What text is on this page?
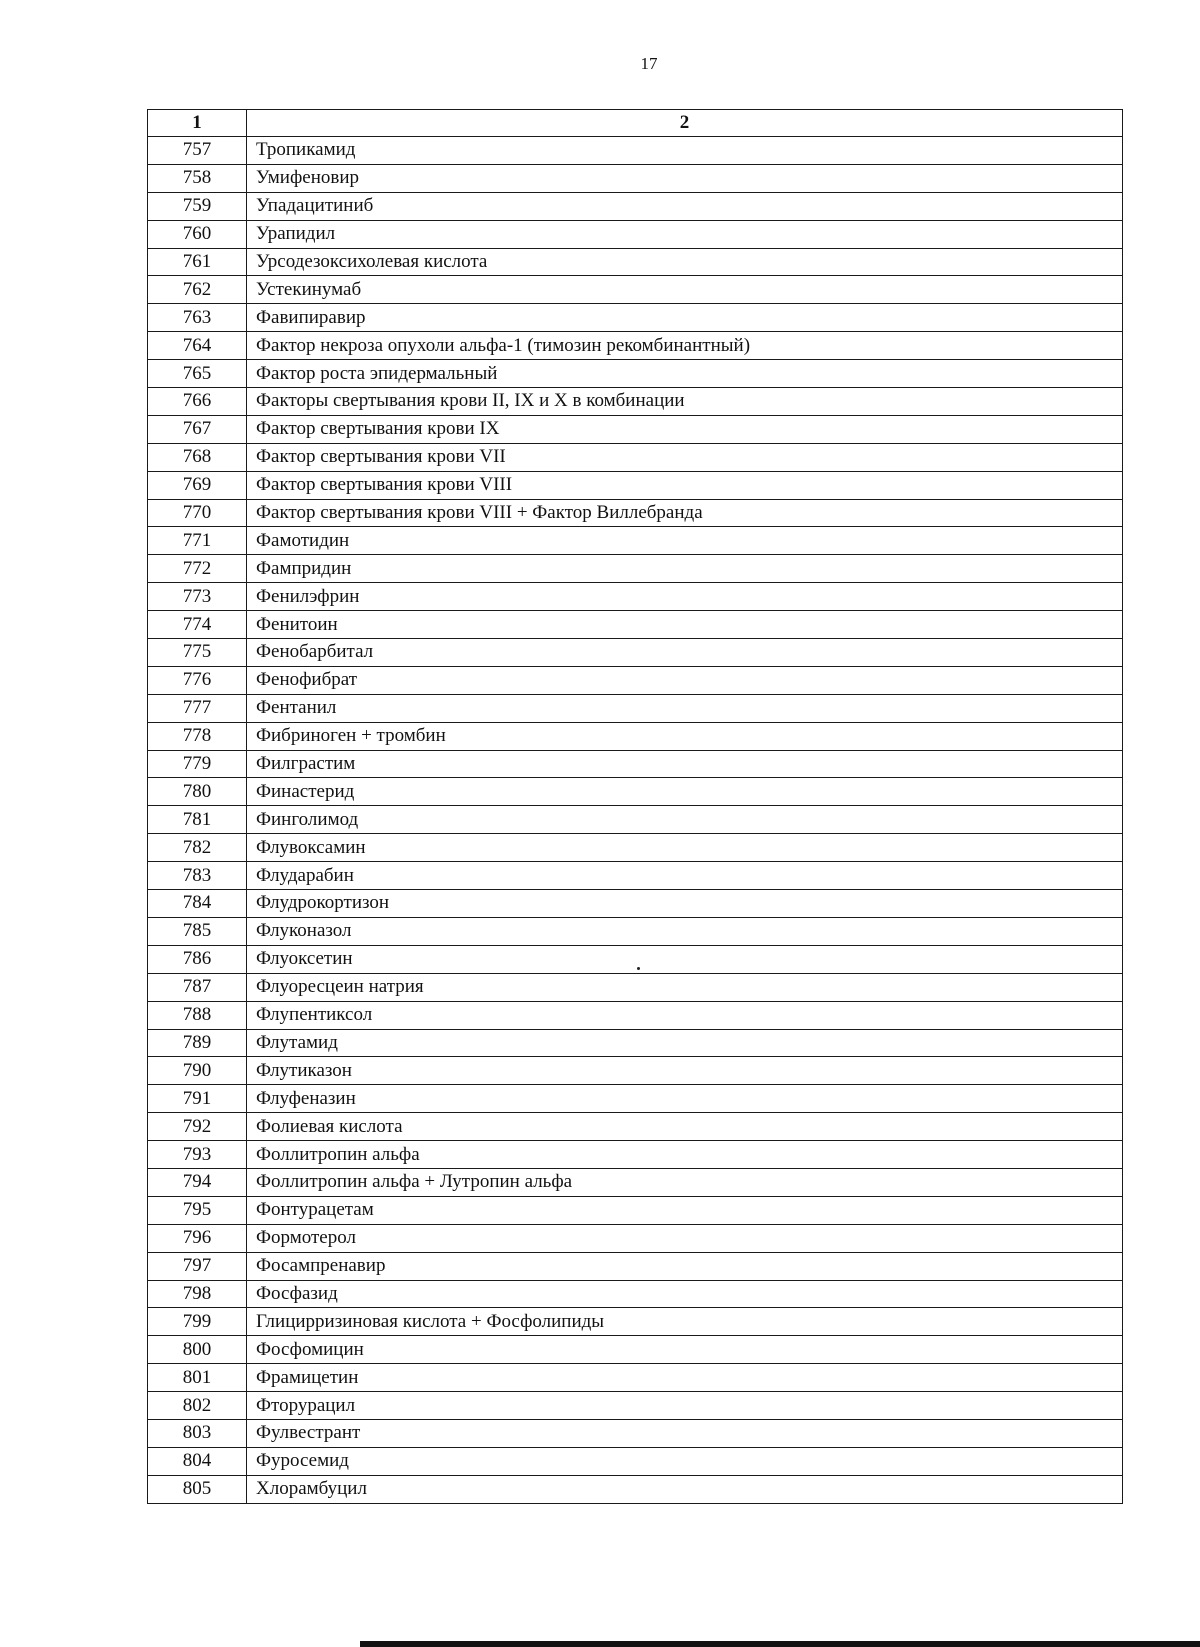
17
1	2
757	Тропикамид
758	Умифеновир
759	Упадацитиниб
760	Урапидил
761	Урсодезоксихолевая кислота
762	Устекинумаб
763	Фавипиравир
764	Фактор некроза опухоли альфа-1 (тимозин рекомбинантный)
765	Фактор роста эпидермальный
766	Факторы свертывания крови II, IX и X в комбинации
767	Фактор свертывания крови IX
768	Фактор свертывания крови VII
769	Фактор свертывания крови VIII
770	Фактор свертывания крови VIII + Фактор Виллебранда
771	Фамотидин
772	Фампридин
773	Фенилэфрин
774	Фенитоин
775	Фенобарбитал
776	Фенофибрат
777	Фентанил
778	Фибриноген + тромбин
779	Филграстим
780	Финастерид
781	Финголимод
782	Флувоксамин
783	Флударабин
784	Флудрокортизон
785	Флуконазол
786	Флуоксетин
787	Флуоресцеин натрия
788	Флупентиксол
789	Флутамид
790	Флутиказон
791	Флуфеназин
792	Фолиевая кислота
793	Фоллитропин альфа
794	Фоллитропин альфа + Лутропин альфа
795	Фонтурацетам
796	Формотерол
797	Фосампренавир
798	Фосфазид
799	Глицирризиновая кислота + Фосфолипиды
800	Фосфомицин
801	Фрамицетин
802	Фторурацил
803	Фулвестрант
804	Фуросемид
805	Хлорамбуцил
